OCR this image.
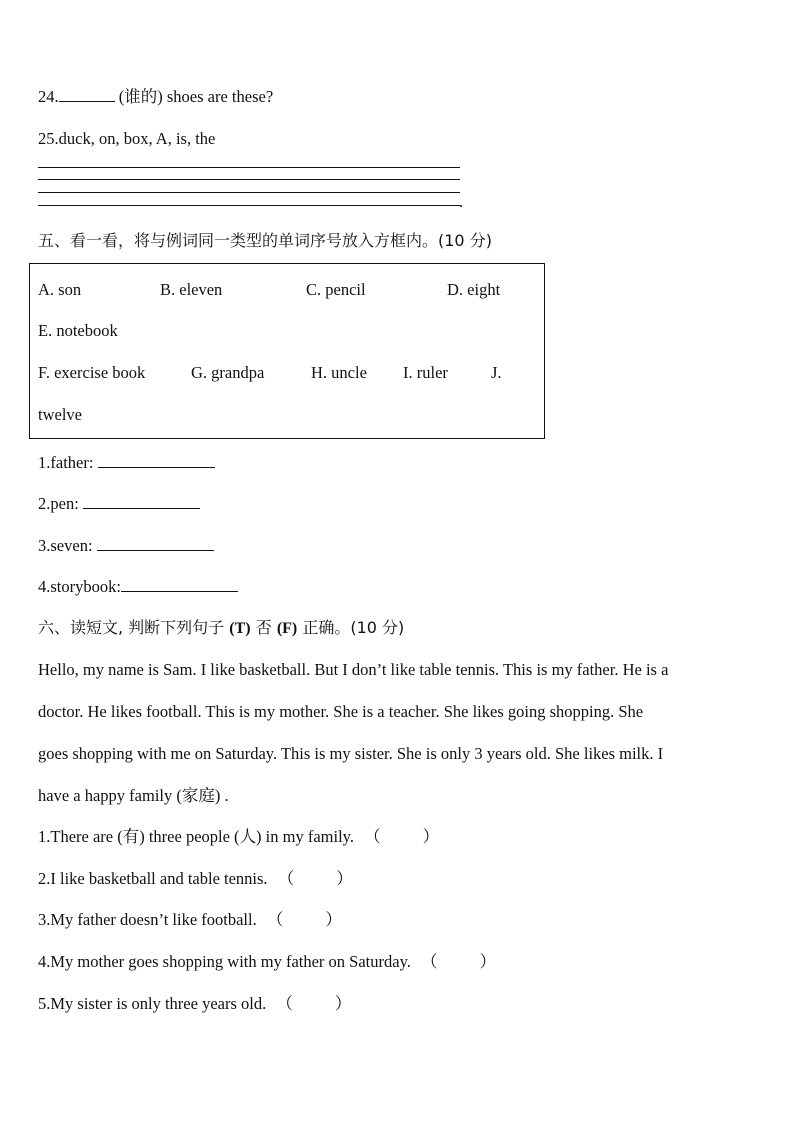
24.	(谁的) shoes are these?
25.duck, on, box, A, is, the
.
五、看一看，将与例词同一类型的单词序号放入方框内。(10 分)
A. son	B. eleven	C. pencil	D. eight
E. notebook
F. exercise book	G. grandpa	H. uncle I. ruler	J.
twelve
1.father:
2.pen:
3.seven:
4.storybook:
六、读短文, 判断下列句子 (T) 否 (F) 正确。(10 分)
Hello, my name is Sam. I like basketball. But I don’t like table tennis. This is my father. He is a
doctor. He likes football. This is my mother. She is a teacher. She likes going shopping. She
goes shopping with me on Saturday. This is my sister. She is only 3 years old. She likes milk. I
have a happy family (家庭) .
1.There are (有) three people (人) in my family. （	）
2.I like basketball and table tennis. （	）
3.My father doesn’t like football. （	）
4.My mother goes shopping with my father on Saturday. （	）
5.My sister is only three years old. （	）
